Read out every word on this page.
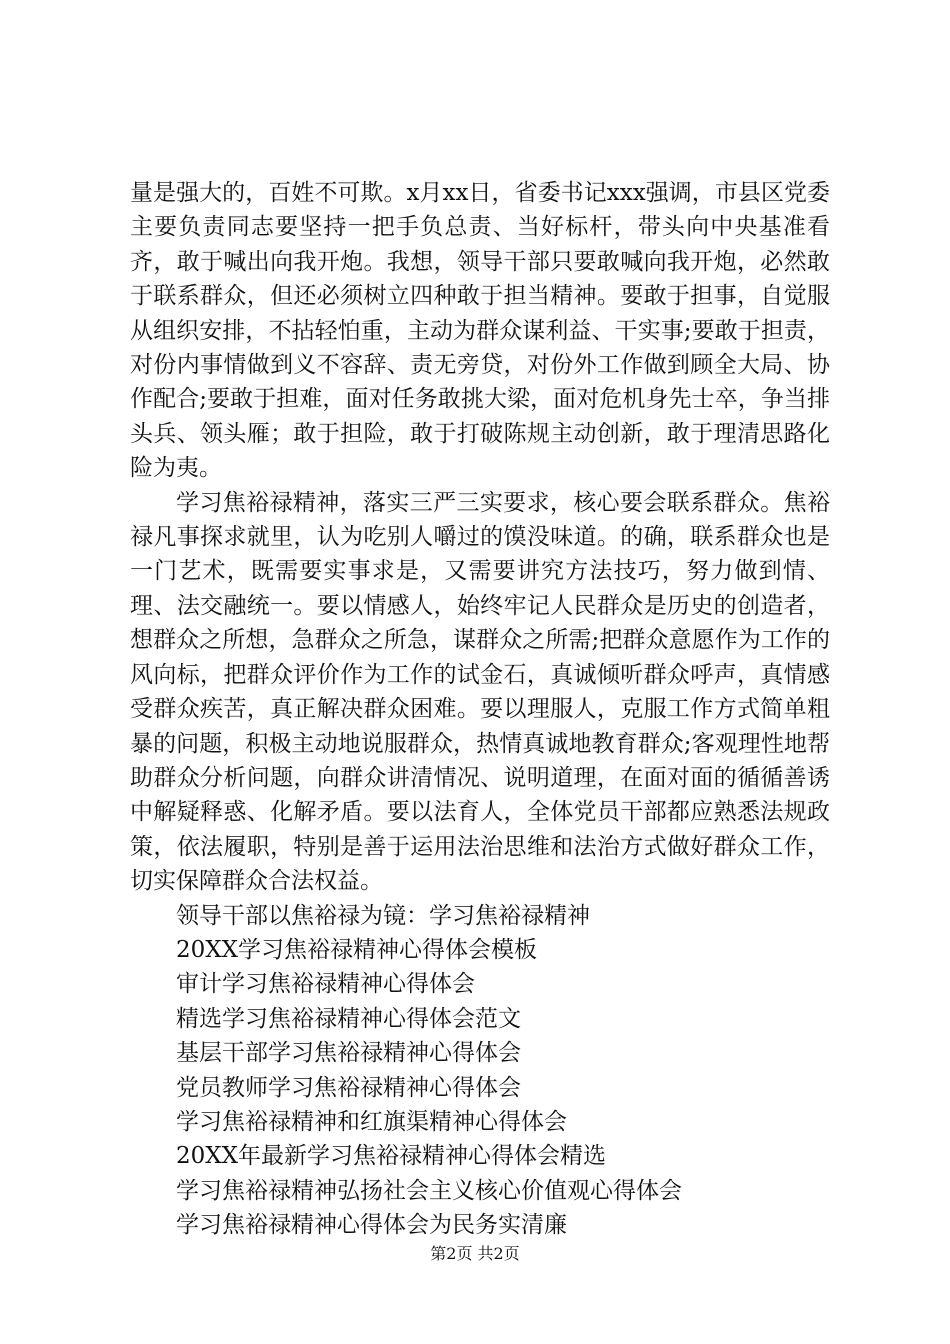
量是强大的，百姓不可欺。x月xx日，省委书记xxx强调，市县区党委主要负责同志要坚持一把手负总责、当好标杆，带头向中央基准看齐，敢于喊出向我开炮。我想，领导干部只要敢喊向我开炮，必然敢于联系群众，但还必须树立四种敢于担当精神。要敢于担事，自觉服从组织安排，不拈轻怕重，主动为群众谋利益、干实事;要敢于担责，对份内事情做到义不容辞、责无旁贷，对份外工作做到顾全大局、协作配合;要敢于担难，面对任务敢挑大梁，面对危机身先士卒，争当排头兵、领头雁；敢于担险，敢于打破陈规主动创新，敢于理清思路化险为夷。

学习焦裕禄精神，落实三严三实要求，核心要会联系群众。焦裕禄凡事探求就里，认为吃别人嚼过的馍没味道。的确，联系群众也是一门艺术，既需要实事求是，又需要讲究方法技巧，努力做到情、理、法交融统一。要以情感人，始终牢记人民群众是历史的创造者，想群众之所想，急群众之所急，谋群众之所需;把群众意愿作为工作的风向标，把群众评价作为工作的试金石，真诚倾听群众呼声，真情感受群众疾苦，真正解决群众困难。要以理服人，克服工作方式简单粗暴的问题，积极主动地说服群众，热情真诚地教育群众;客观理性地帮助群众分析问题，向群众讲清情况、说明道理，在面对面的循循善诱中解疑释惑、化解矛盾。要以法育人，全体党员干部都应熟悉法规政策，依法履职，特别是善于运用法治思维和法治方式做好群众工作，切实保障群众合法权益。

领导干部以焦裕禄为镜：学习焦裕禄精神
20XX学习焦裕禄精神心得体会模板
审计学习焦裕禄精神心得体会
精选学习焦裕禄精神心得体会范文
基层干部学习焦裕禄精神心得体会
党员教师学习焦裕禄精神心得体会
学习焦裕禄精神和红旗渠精神心得体会
20XX年最新学习焦裕禄精神心得体会精选
学习焦裕禄精神弘扬社会主义核心价值观心得体会
学习焦裕禄精神心得体会为民务实清廉
第2页 共2页
